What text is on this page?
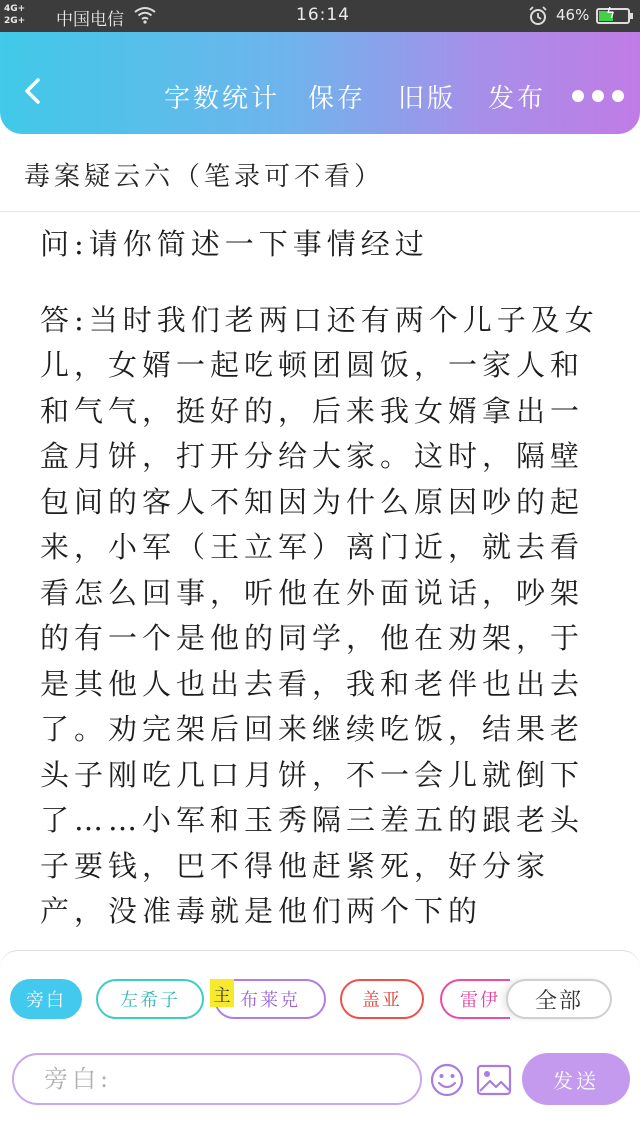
4G+
2G+ 中国电信	16:14	46% ϟ
字数统计 保存 旧版 发布
毒案疑云六（笔录可不看）

问:请你简述一下事情经过

答:当时我们老两口还有两个儿子及女儿，女婿一起吃顿团圆饭，一家人和和气气，挺好的，后来我女婿拿出一盒月饼，打开分给大家。这时，隔壁包间的客人不知因为什么原因吵的起来，小军（王立军）离门近，就去看看怎么回事，听他在外面说话，吵架的有一个是他的同学，他在劝架，于是其他人也出去看，我和老伴也出去了。劝完架后回来继续吃饭，结果老头子刚吃几口月饼，不一会儿就倒下了……小军和玉秀隔三差五的跟老头子要钱，巴不得他赶紧死，好分家产，没准毒就是他们两个下的

旁白	左希子	布莱克
主	盖亚	雷伊	全部
旁白:
发送
